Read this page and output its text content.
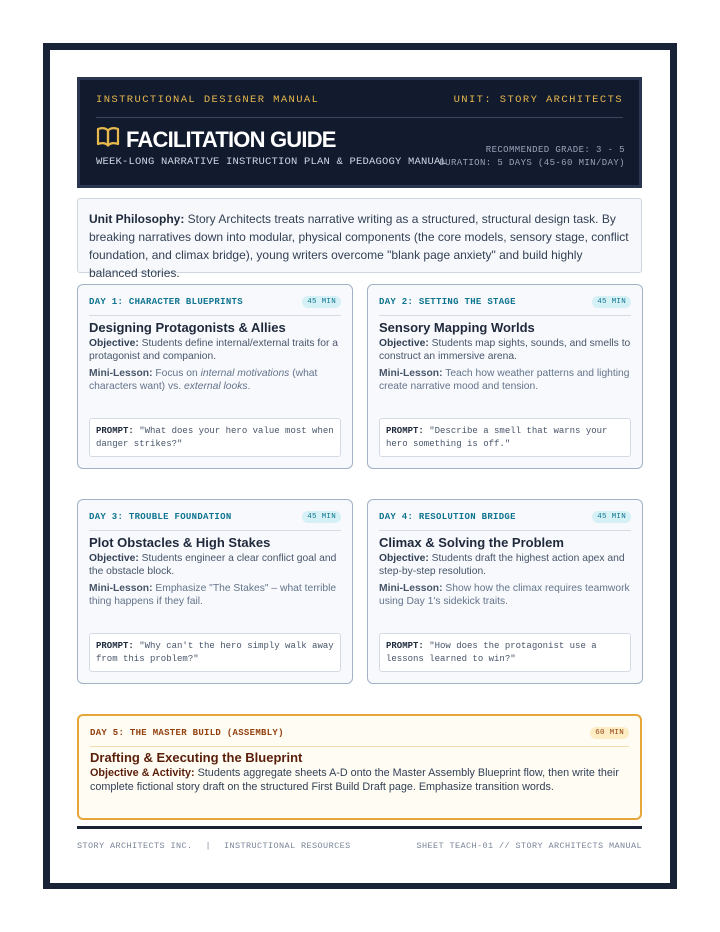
INSTRUCTIONAL DESIGNER MANUAL	UNIT: STORY ARCHITECTS
FACILITATION GUIDE
WEEK-LONG NARRATIVE INSTRUCTION PLAN & PEDAGOGY MANUAL
RECOMMENDED GRADE: 3 - 5
DURATION: 5 DAYS (45-60 MIN/DAY)
Unit Philosophy: Story Architects treats narrative writing as a structured, structural design task. By breaking narratives down into modular, physical components (the core models, sensory stage, conflict foundation, and climax bridge), young writers overcome "blank page anxiety" and build highly balanced stories.
DAY 1: CHARACTER BLUEPRINTS	45 MIN
Designing Protagonists & Allies
Objective: Students define internal/external traits for a protagonist and companion.
Mini-Lesson: Focus on internal motivations (what characters want) vs. external looks.
PROMPT: "What does your hero value most when danger strikes?"
DAY 2: SETTING THE STAGE	45 MIN
Sensory Mapping Worlds
Objective: Students map sights, sounds, and smells to construct an immersive arena.
Mini-Lesson: Teach how weather patterns and lighting create narrative mood and tension.
PROMPT: "Describe a smell that warns your hero something is off."
DAY 3: TROUBLE FOUNDATION	45 MIN
Plot Obstacles & High Stakes
Objective: Students engineer a clear conflict goal and the obstacle block.
Mini-Lesson: Emphasize "The Stakes" – what terrible thing happens if they fail.
PROMPT: "Why can't the hero simply walk away from this problem?"
DAY 4: RESOLUTION BRIDGE	45 MIN
Climax & Solving the Problem
Objective: Students draft the highest action apex and step-by-step resolution.
Mini-Lesson: Show how the climax requires teamwork using Day 1's sidekick traits.
PROMPT: "How does the protagonist use a lessons learned to win?"
DAY 5: THE MASTER BUILD (ASSEMBLY)	60 MIN
Drafting & Executing the Blueprint
Objective & Activity: Students aggregate sheets A-D onto the Master Assembly Blueprint flow, then write their complete fictional story draft on the structured First Build Draft page. Emphasize transition words.
STORY ARCHITECTS INC. | INSTRUCTIONAL RESOURCES	SHEET TEACH-01 // STORY ARCHITECTS MANUAL
